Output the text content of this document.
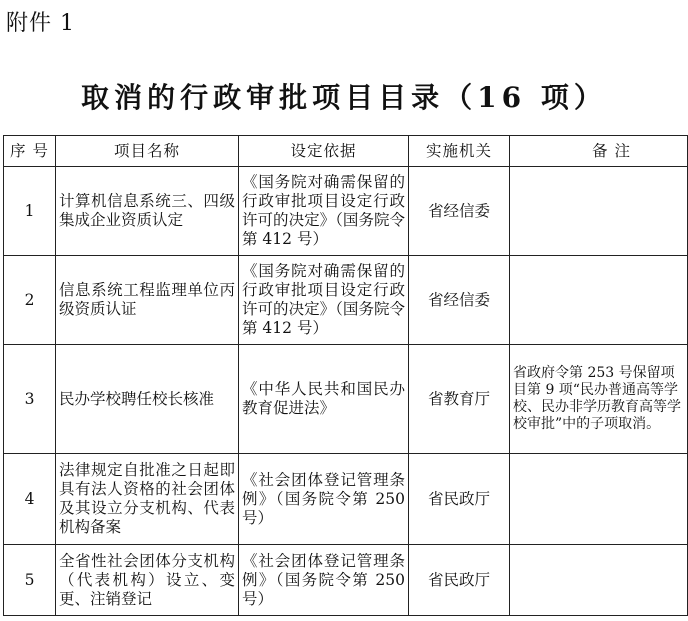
附件 1
取消的行政审批项目目录（16 项）
序 号	项目名称	设定依据	实施机关	备 注
1	计算机信息系统三、四级集成企业资质认定	《国务院对确需保留的行政审批项目设定行政许可的决定》（国务院令第 412 号）	省经信委	
2	信息系统工程监理单位丙级资质认证	《国务院对确需保留的行政审批项目设定行政许可的决定》（国务院令第 412 号）	省经信委	
3	民办学校聘任校长核准	《中华人民共和国民办教育促进法》	省教育厅	省政府令第 253 号保留项目第 9 项“民办普通高等学校、民办非学历教育高等学校审批”中的子项取消。
4	法律规定自批准之日起即具有法人资格的社会团体及其设立分支机构、代表机构备案	《社会团体登记管理条例》（国务院令第 250 号）	省民政厅	
5	全省性社会团体分支机构（代表机构）设立、变更、注销登记	《社会团体登记管理条例》（国务院令第 250 号）	省民政厅	
